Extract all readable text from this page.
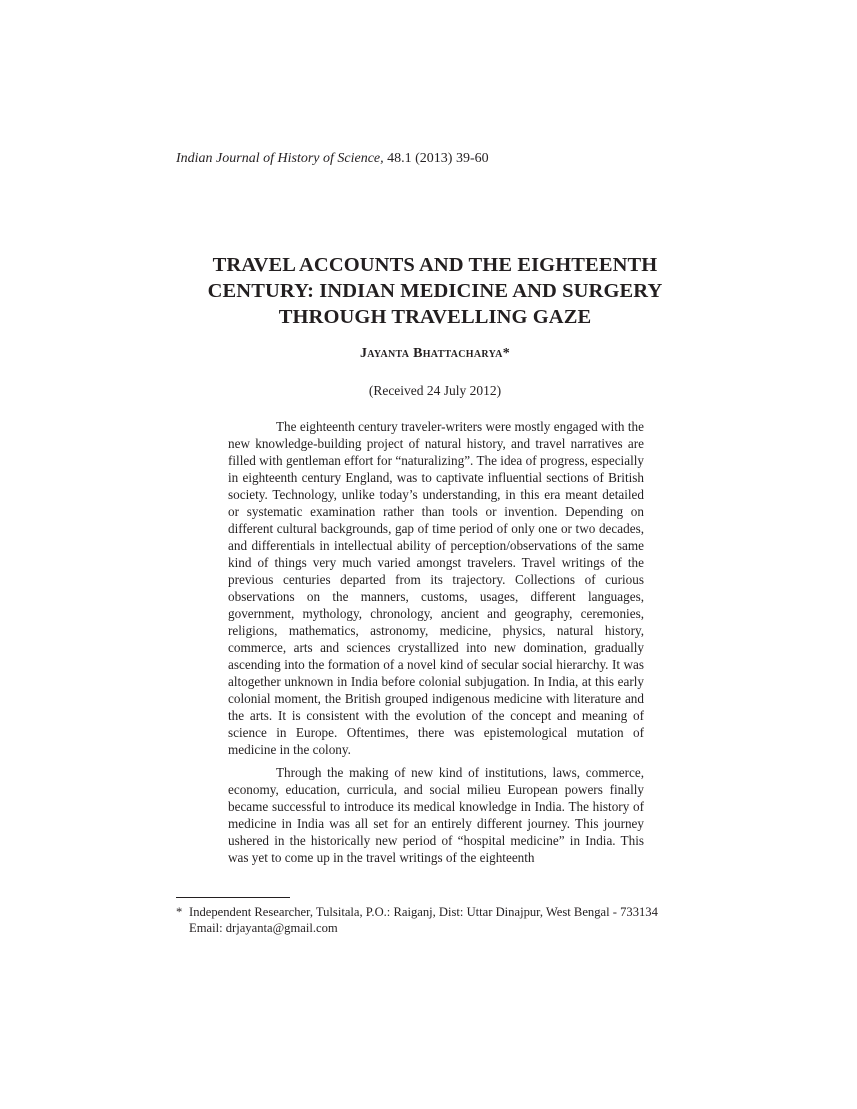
Indian Journal of History of Science, 48.1 (2013) 39-60
TRAVEL ACCOUNTS AND THE EIGHTEENTH
CENTURY: INDIAN MEDICINE AND SURGERY
THROUGH TRAVELLING GAZE
Jayanta Bhattacharya*
(Received 24 July 2012)

The eighteenth century traveler-writers were mostly engaged with the new knowledge-building project of natural history, and travel narratives are filled with gentleman effort for “naturalizing”. The idea of progress, especially in eighteenth century England, was to captivate influential sections of British society. Technology, unlike today’s understanding, in this era meant detailed or systematic examination rather than tools or invention. Depending on different cultural backgrounds, gap of time period of only one or two decades, and differentials in intellectual ability of perception/observations of the same kind of things very much varied amongst travelers. Travel writings of the previous centuries departed from its trajectory. Collections of curious observations on the manners, customs, usages, different languages, government, mythology, chronology, ancient and geography, ceremonies, religions, mathematics, astronomy, medicine, physics, natural history, commerce, arts and sciences crystallized into new domination, gradually ascending into the formation of a novel kind of secular social hierarchy. It was altogether unknown in India before colonial subjugation. In India, at this early colonial moment, the British grouped indigenous medicine with literature and the arts. It is consistent with the evolution of the concept and meaning of science in Europe. Oftentimes, there was epistemological mutation of medicine in the colony.

Through the making of new kind of institutions, laws, commerce, economy, education, curricula, and social milieu European powers finally became successful to introduce its medical knowledge in India. The history of medicine in India was all set for an entirely different journey. This journey ushered in the historically new period of “hospital medicine” in India. This was yet to come up in the travel writings of the eighteenth

* Independent Researcher, Tulsitala, P.O.: Raiganj, Dist: Uttar Dinajpur, West Bengal - 733134
Email: drjayanta@gmail.com
